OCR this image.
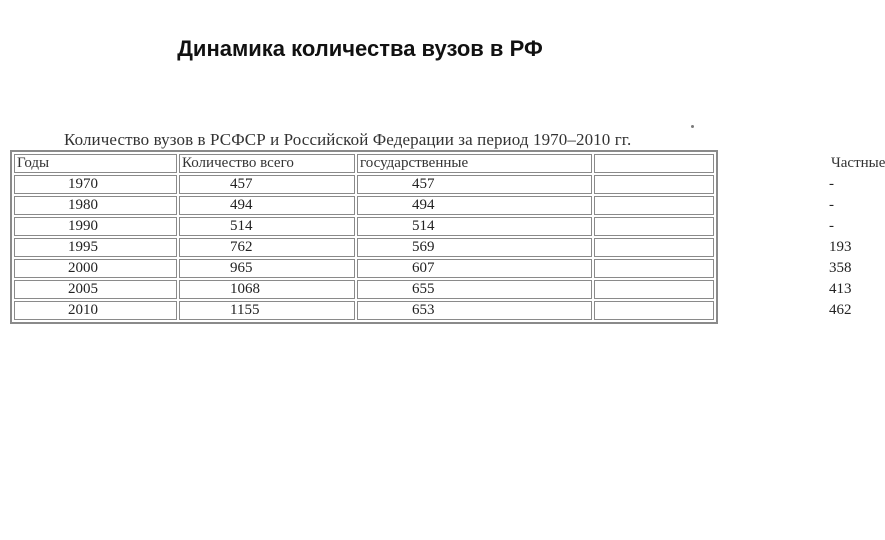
Динамика количества вузов в РФ
Количество вузов в РСФСР и Российской Федерации за период 1970–2010 гг.
Годы	Количество всего	государственные	Частные
1970	457	457	-
1980	494	494	-
1990	514	514	-
1995	762	569	193
2000	965	607	358
2005	1068	655	413
2010	1155	653	462
